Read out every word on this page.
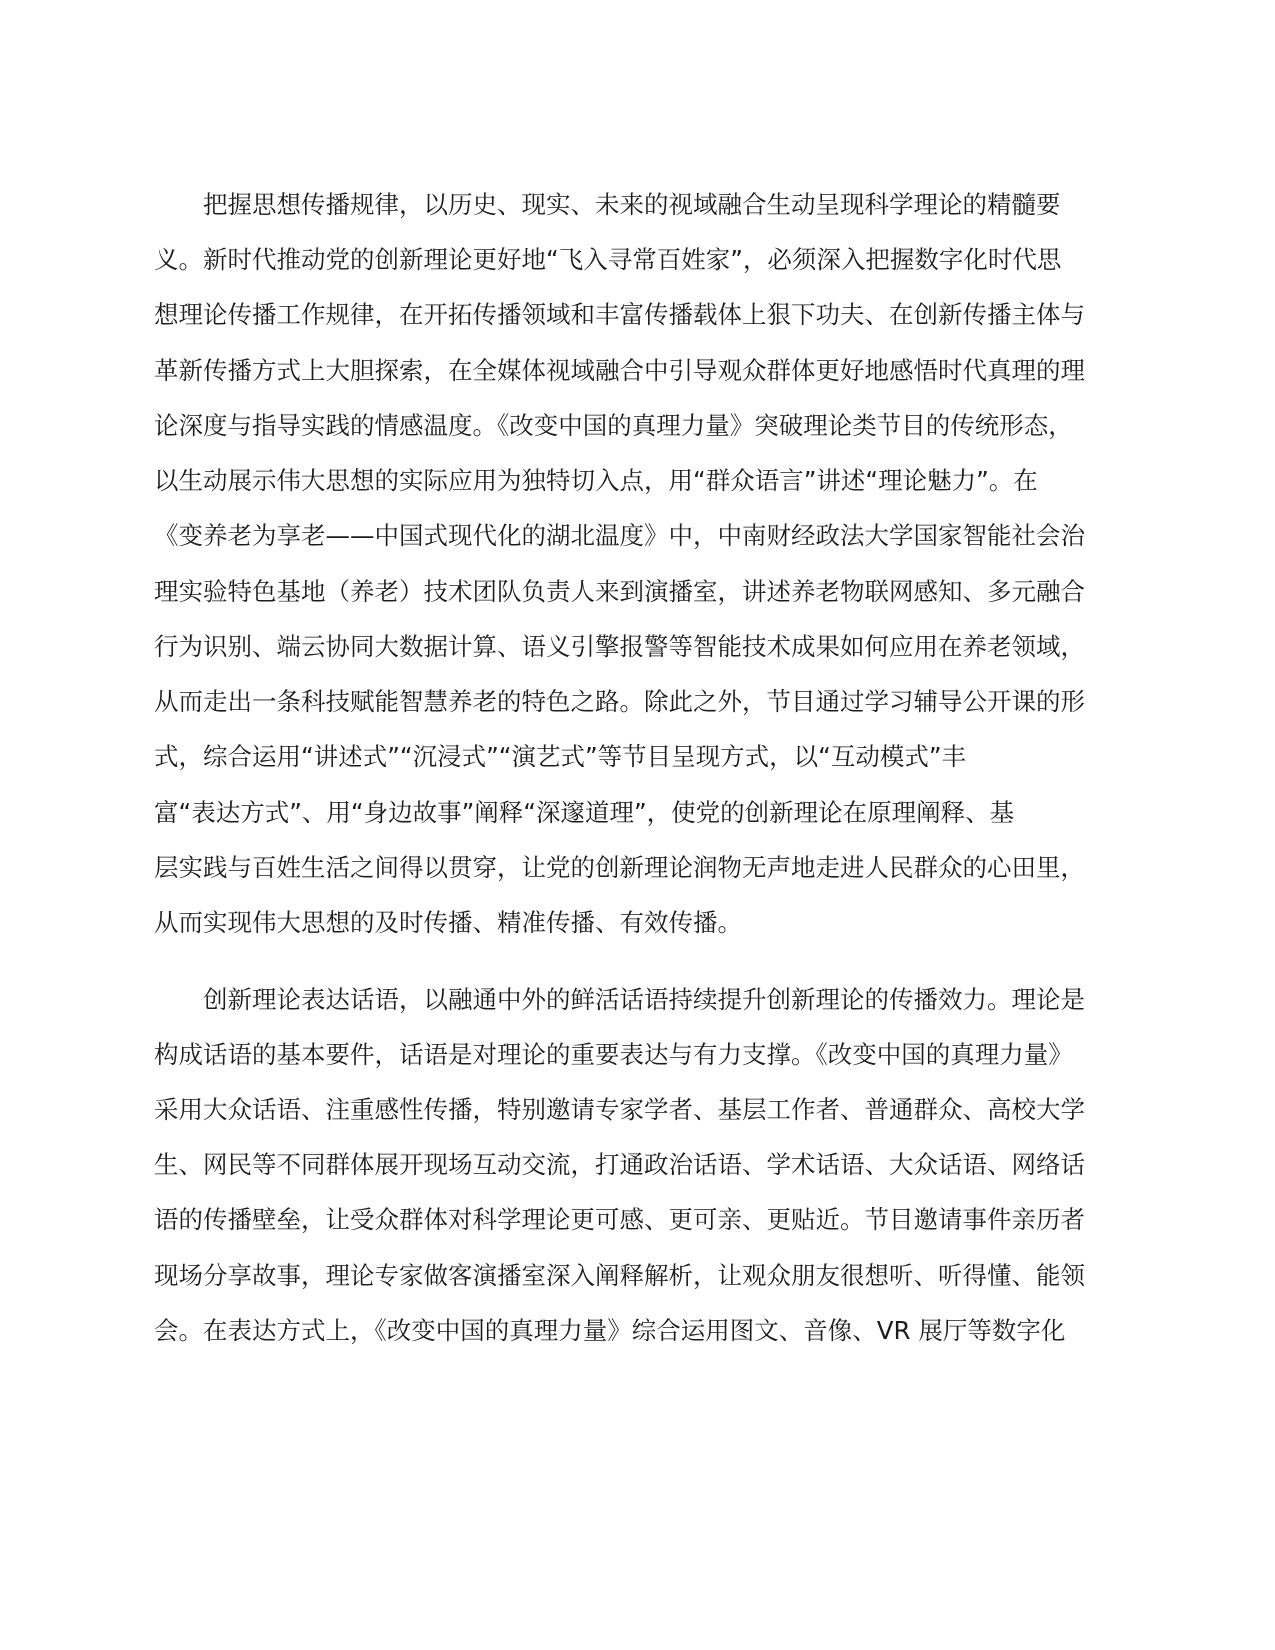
把握思想传播规律，以历史、现实、未来的视域融合生动呈现科学理论的精髓要
义。新时代推动党的创新理论更好地“飞入寻常百姓家”，必须深入把握数字化时代思
想理论传播工作规律，在开拓传播领域和丰富传播载体上狠下功夫、在创新传播主体与
革新传播方式上大胆探索，在全媒体视域融合中引导观众群体更好地感悟时代真理的理
论深度与指导实践的情感温度。《改变中国的真理力量》突破理论类节目的传统形态，
以生动展示伟大思想的实际应用为独特切入点，用“群众语言”讲述“理论魅力”。在
《变养老为享老——中国式现代化的湖北温度》中，中南财经政法大学国家智能社会治
理实验特色基地（养老）技术团队负责人来到演播室，讲述养老物联网感知、多元融合
行为识别、端云协同大数据计算、语义引擎报警等智能技术成果如何应用在养老领域，
从而走出一条科技赋能智慧养老的特色之路。除此之外，节目通过学习辅导公开课的形
式，综合运用“讲述式”“沉浸式”“演艺式”等节目呈现方式，以“互动模式”丰
富“表达方式”、用“身边故事”阐释“深邃道理”，使党的创新理论在原理阐释、基
层实践与百姓生活之间得以贯穿，让党的创新理论润物无声地走进人民群众的心田里，
从而实现伟大思想的及时传播、精准传播、有效传播。
创新理论表达话语，以融通中外的鲜活话语持续提升创新理论的传播效力。理论是
构成话语的基本要件，话语是对理论的重要表达与有力支撑。《改变中国的真理力量》
采用大众话语、注重感性传播，特别邀请专家学者、基层工作者、普通群众、高校大学
生、网民等不同群体展开现场互动交流，打通政治话语、学术话语、大众话语、网络话
语的传播壁垒，让受众群体对科学理论更可感、更可亲、更贴近。节目邀请事件亲历者
现场分享故事，理论专家做客演播室深入阐释解析，让观众朋友很想听、听得懂、能领
会。在表达方式上，《改变中国的真理力量》综合运用图文、音像、VR 展厅等数字化
